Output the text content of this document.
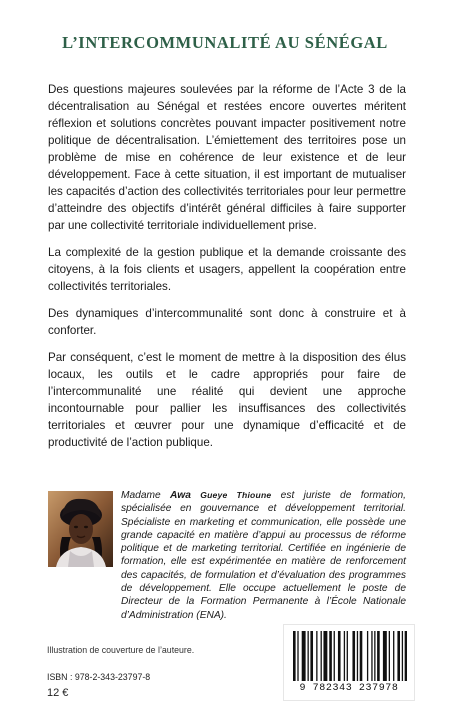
L’INTERCOMMUNALITÉ AU SÉNÉGAL

Des questions majeures soulevées par la réforme de l’Acte 3 de la décentralisation au Sénégal et restées encore ouvertes méritent réflexion et solutions concrètes pouvant impacter positivement notre politique de décentralisation. L’émiettement des territoires pose un problème de mise en cohérence de leur existence et de leur développement. Face à cette situation, il est important de mutualiser les capacités d’action des collectivités territoriales pour leur permettre d’atteindre des objectifs d’intérêt général difficiles à faire supporter par une collectivité territoriale individuellement prise.

La complexité de la gestion publique et la demande croissante des citoyens, à la fois clients et usagers, appellent la coopération entre collectivités territoriales.

Des dynamiques d’intercommunalité sont donc à construire et à conforter.

Par conséquent, c’est le moment de mettre à la disposition des élus locaux, les outils et le cadre appropriés pour faire de l’intercommunalité une réalité qui devient une approche incontournable pour pallier les insuffisances des collectivités territoriales et œuvrer pour une dynamique d’efficacité et de productivité de l’action publique.

Madame Awa Gueye Thioune est juriste de formation, spécialisée en gouvernance et développement territorial. Spécialiste en marketing et communication, elle possède une grande capacité en matière d’appui au processus de réforme politique et de marketing territorial. Certifiée en ingénierie de formation, elle est expérimentée en matière de renforcement des capacités, de formulation et d’évaluation des programmes de développement. Elle occupe actuellement le poste de Directeur de la Formation Permanente à l’École Nationale d’Administration (ENA).

Illustration de couverture de l’auteure.

ISBN : 978-2-343-23797-8

12 €	9 782343 237978
